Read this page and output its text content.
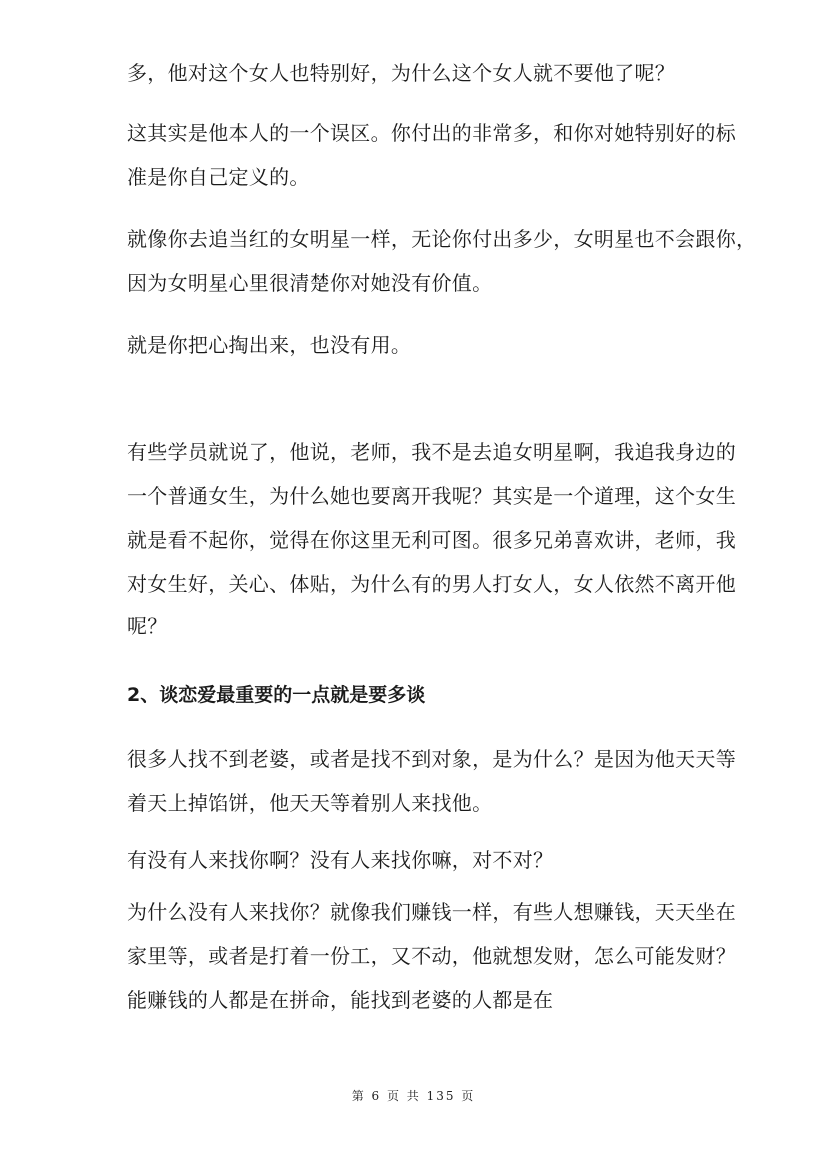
多，他对这个女人也特别好，为什么这个女人就不要他了呢？
这其实是他本人的一个误区。你付出的非常多，和你对她特别好的标
准是你自己定义的。
就像你去追当红的女明星一样，无论你付出多少，女明星也不会跟你，
因为女明星心里很清楚你对她没有价值。
就是你把心掏出来，也没有用。
有些学员就说了，他说，老师，我不是去追女明星啊，我追我身边的
一个普通女生，为什么她也要离开我呢？其实是一个道理，这个女生
就是看不起你，觉得在你这里无利可图。很多兄弟喜欢讲，老师，我
对女生好，关心、体贴，为什么有的男人打女人，女人依然不离开他
呢？
2、谈恋爱最重要的一点就是要多谈
很多人找不到老婆，或者是找不到对象，是为什么？是因为他天天等
着天上掉馅饼，他天天等着别人来找他。
有没有人来找你啊？没有人来找你嘛，对不对？
为什么没有人来找你？就像我们赚钱一样，有些人想赚钱，天天坐在
家里等，或者是打着一份工，又不动，他就想发财，怎么可能发财？
能赚钱的人都是在拼命，能找到老婆的人都是在
第 6 页 共 135 页
